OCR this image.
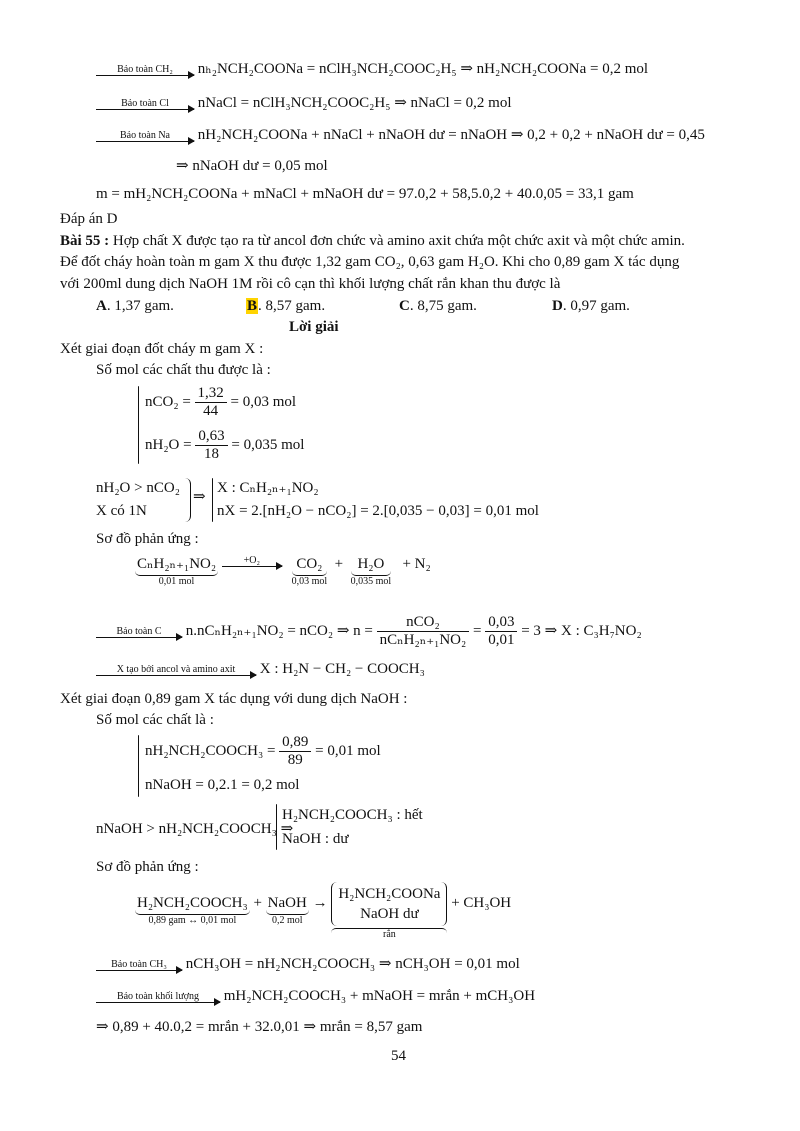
Bảo toàn CH₂	nₕ₂NCH₂COONa = nClH₃NCH₂COOC₂H₅ ⇒ nH₂NCH₂COONa = 0,2 mol
Bảo toàn Cl	nNaCl = nClH₃NCH₂COOC₂H₅ ⇒ nNaCl = 0,2 mol
Bảo toàn Na	nH₂NCH₂COONa + nNaCl + nNaOH dư = nNaOH ⇒ 0,2 + 0,2 + nNaOH dư = 0,45
⇒ nNaOH dư = 0,05 mol
m = mH₂NCH₂COONa + mNaCl + mNaOH dư = 97.0,2 + 58,5.0,2 + 40.0,05 = 33,1 gam
Đáp án D
Bài 55 : Hợp chất X được tạo ra từ ancol đơn chức và amino axit chứa một chức axit và một chức amin.
Để đốt cháy hoàn toàn m gam X thu được 1,32 gam CO₂, 0,63 gam H₂O. Khi cho 0,89 gam X tác dụng
với 200ml dung dịch NaOH 1M rồi cô cạn thì khối lượng chất rắn khan thu được là
A. 1,37 gam.	B. 8,57 gam.	C. 8,75 gam.	D. 0,97 gam.
Lời giải
Xét giai đoạn đốt cháy m gam X :
Số mol các chất thu được là :
$nCO_2 = \frac{1,32}{44} = 0,03$ mol
$nH_2O = \frac{0,63}{18} = 0,035$ mol
nH₂O > nCO₂
X có 1N
⇒
X : CₙH₂ₙ₊₁NO₂
nX = 2.[nH₂O − nCO₂] = 2.[0,035 − 0,03] = 0,01 mol
Sơ đồ phản ứng :
CₙH₂ₙ₊₁NO₂
0,01 mol

+O₂
	CO₂
0,03 mol
+ H₂O
0,035 mol
+ N₂
Bảo toàn C	n.nCₙH₂ₙ₊₁NO₂ = nCO₂ ⇒ $n = \frac{\text{nCO₂}}{\text{nCₙH₂ₙ₊₁NO₂}} = \frac{0,03}{0,01} = 3$ ⇒ X : C₃H₇NO₂
X tạo bởi ancol và amino axit	X : H₂N − CH₂ − COOCH₃
Xét giai đoạn 0,89 gam X tác dụng với dung dịch NaOH :
Số mol các chất là :
nH₂NCH₂COOCH₃ = $\frac{0,89}{89} = 0,01$ mol
nNaOH = 0,2.1 = 0,2 mol
nNaOH > nH₂NCH₂COOCH₃ ⇒
H₂NCH₂COOCH₃ : hết
NaOH : dư
Sơ đồ phản ứng :
H₂NCH₂COOCH₃
0,89 gam ↔ 0,01 mol
+ NaOH
0,2 mol
→
H₂NCH₂COONa
NaOH dư
rắn
+ CH₃OH
Bảo toàn CH₃	nCH₃OH = nH₂NCH₂COOCH₃ ⇒ nCH₃OH = 0,01 mol
Bảo toàn khối lượng	mH₂NCH₂COOCH₃ + mNaOH = mrắn + mCH₃OH
⇒ 0,89 + 40.0,2 = mrắn + 32.0,01 ⇒ mrắn = 8,57 gam
54
